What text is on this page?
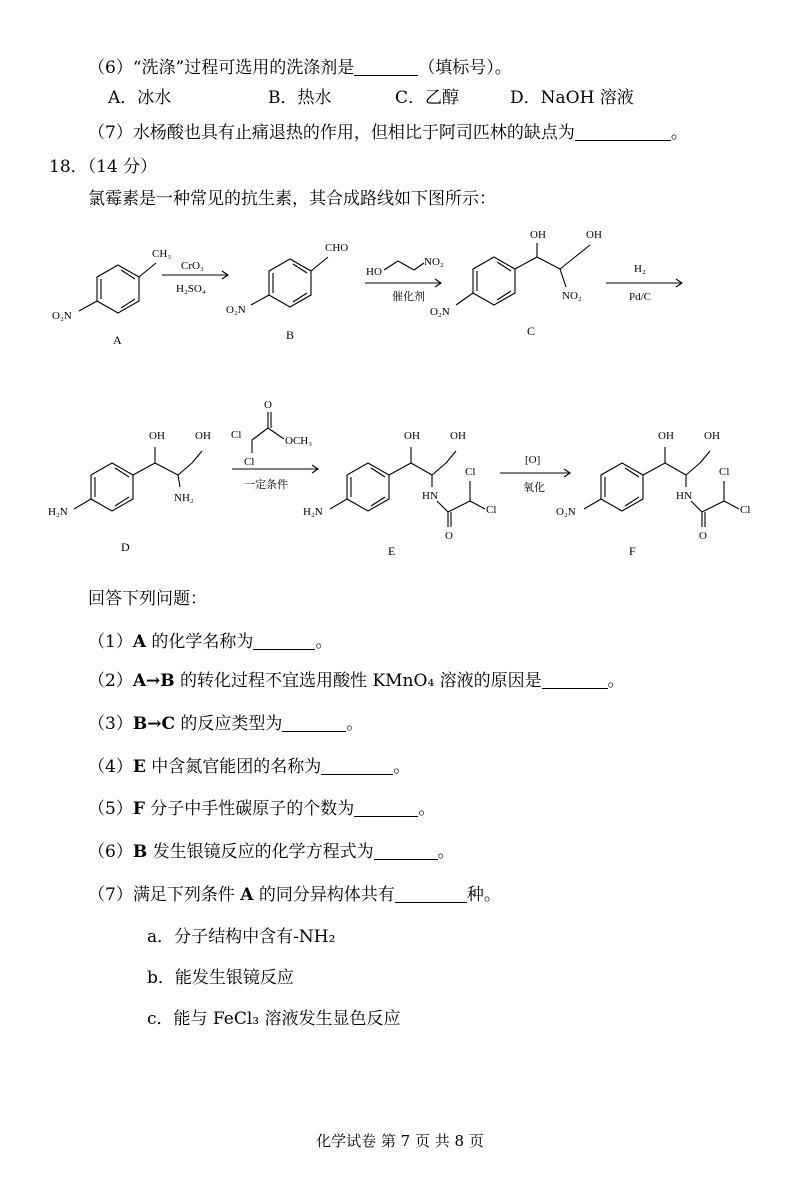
（6）“洗涤”过程可选用的洗涤剂是	（填标号）。
A．冰水	B．热水	C．乙醇	D．NaOH 溶液
（7）水杨酸也具有止痛退热的作用，但相比于阿司匹林的缺点为	。
18．（14 分）
氯霉素是一种常见的抗生素，其合成路线如下图所示：
CH₃
O₂N
A
CrO₃
H₂SO₄
CHO
O₂N
B
HO
NO₂
催化剂
OH	OH
NO₂
O₂N
C
H₂
Pd/C
OH	OH
NH₂
H₂N
D
Cl
Cl
O
OCH₃
一定条件
OH	OH
HN
Cl
Cl
O
H₂N
E
[O]
氧化
OH	OH
HN
Cl
Cl
O
O₂N
F
回答下列问题：
（1）A 的化学名称为	。
（2）A→B 的转化过程不宜选用酸性 KMnO₄ 溶液的原因是	。
（3）B→C 的反应类型为	。
（4）E 中含氮官能团的名称为	。
（5）F 分子中手性碳原子的个数为	。
（6）B 发生银镜反应的化学方程式为	。
（7）满足下列条件 A 的同分异构体共有	种。
a．分子结构中含有-NH₂
b．能发生银镜反应
c．能与 FeCl₃ 溶液发生显色反应
化学试卷 第 7 页 共 8 页
